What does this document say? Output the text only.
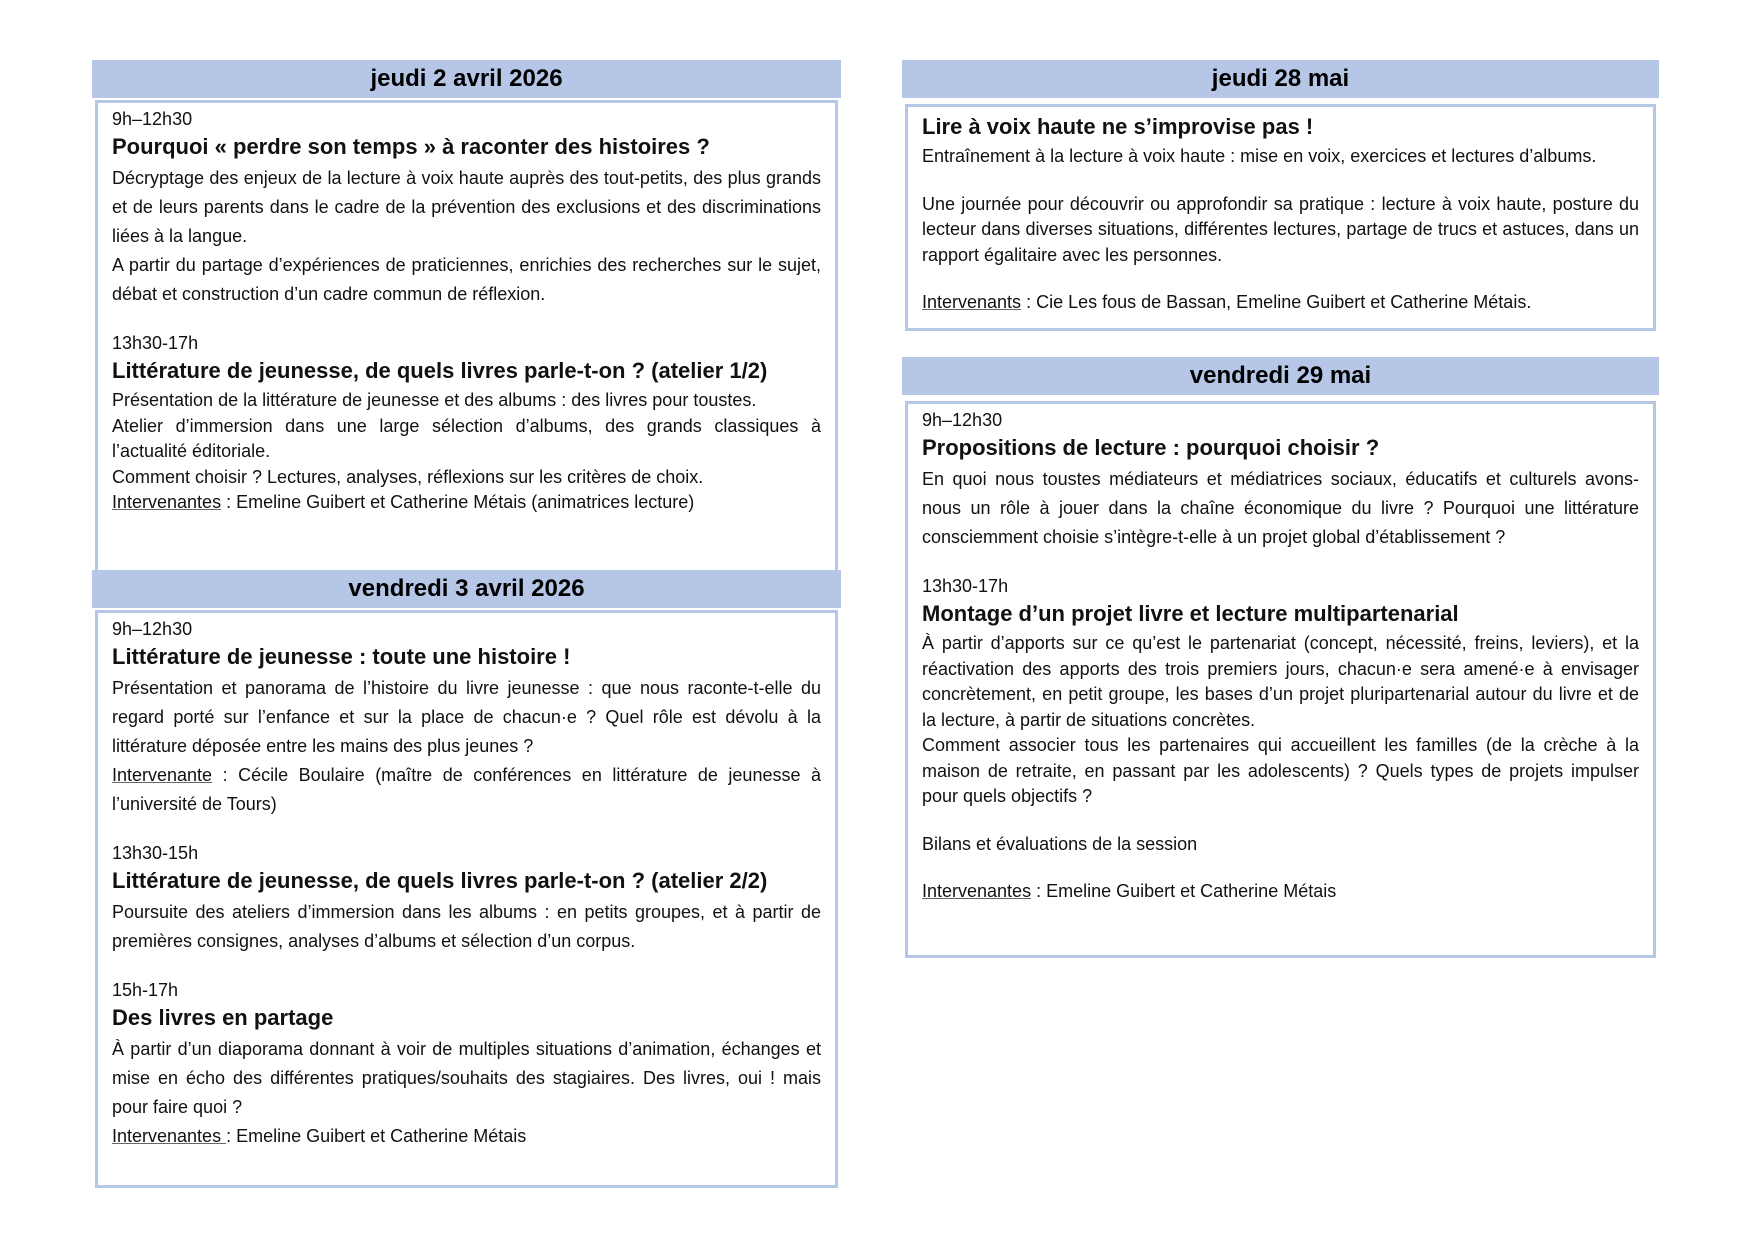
jeudi 2 avril 2026

9h–12h30

Pourquoi « perdre son temps » à raconter des histoires ?

Décryptage des enjeux de la lecture à voix haute auprès des tout-petits, des plus grands et de leurs parents dans le cadre de la prévention des exclusions et des discriminations liées à la langue.

A partir du partage d’expériences de praticiennes, enrichies des recherches sur le sujet, débat et construction d’un cadre commun de réflexion.

13h30-17h

Littérature de jeunesse, de quels livres parle-t-on ? (atelier 1/2)

Présentation de la littérature de jeunesse et des albums : des livres pour toustes.

Atelier d’immersion dans une large sélection d’albums, des grands classiques à l’actualité éditoriale.

Comment choisir ? Lectures, analyses, réflexions sur les critères de choix.

Intervenantes : Emeline Guibert et Catherine Métais (animatrices lecture)

vendredi 3 avril 2026

9h–12h30

Littérature de jeunesse : toute une histoire !

Présentation et panorama de l’histoire du livre jeunesse : que nous raconte-t-elle du regard porté sur l’enfance et sur la place de chacun·e ? Quel rôle est dévolu à la littérature déposée entre les mains des plus jeunes ?

Intervenante : Cécile Boulaire (maître de conférences en littérature de jeunesse à l’université de Tours)

13h30-15h

Littérature de jeunesse, de quels livres parle-t-on ? (atelier 2/2)

Poursuite des ateliers d’immersion dans les albums : en petits groupes, et à partir de premières consignes, analyses d’albums et sélection d’un corpus.

15h-17h

Des livres en partage

À partir d’un diaporama donnant à voir de multiples situations d’animation, échanges et mise en écho des différentes pratiques/souhaits des stagiaires. Des livres, oui ! mais pour faire quoi ?

Intervenantes : Emeline Guibert et Catherine Métais

jeudi 28 mai

Lire à voix haute ne s’improvise pas !

Entraînement à la lecture à voix haute : mise en voix, exercices et lectures d’albums.

Une journée pour découvrir ou approfondir sa pratique : lecture à voix haute, posture du lecteur dans diverses situations, différentes lectures, partage de trucs et astuces, dans un rapport égalitaire avec les personnes.

Intervenants : Cie Les fous de Bassan, Emeline Guibert et Catherine Métais.

vendredi 29 mai

9h–12h30

Propositions de lecture : pourquoi choisir ?

En quoi nous toustes médiateurs et médiatrices sociaux, éducatifs et culturels avons-nous un rôle à jouer dans la chaîne économique du livre ? Pourquoi une littérature consciemment choisie s’intègre-t-elle à un projet global d’établissement ?

13h30-17h

Montage d’un projet livre et lecture multipartenarial

À partir d’apports sur ce qu’est le partenariat (concept, nécessité, freins, leviers), et la réactivation des apports des trois premiers jours, chacun·e sera amené·e à envisager concrètement, en petit groupe, les bases d’un projet pluripartenarial autour du livre et de la lecture, à partir de situations concrètes.

Comment associer tous les partenaires qui accueillent les familles (de la crèche à la maison de retraite, en passant par les adolescents) ? Quels types de projets impulser pour quels objectifs ?

Bilans et évaluations de la session

Intervenantes : Emeline Guibert et Catherine Métais
